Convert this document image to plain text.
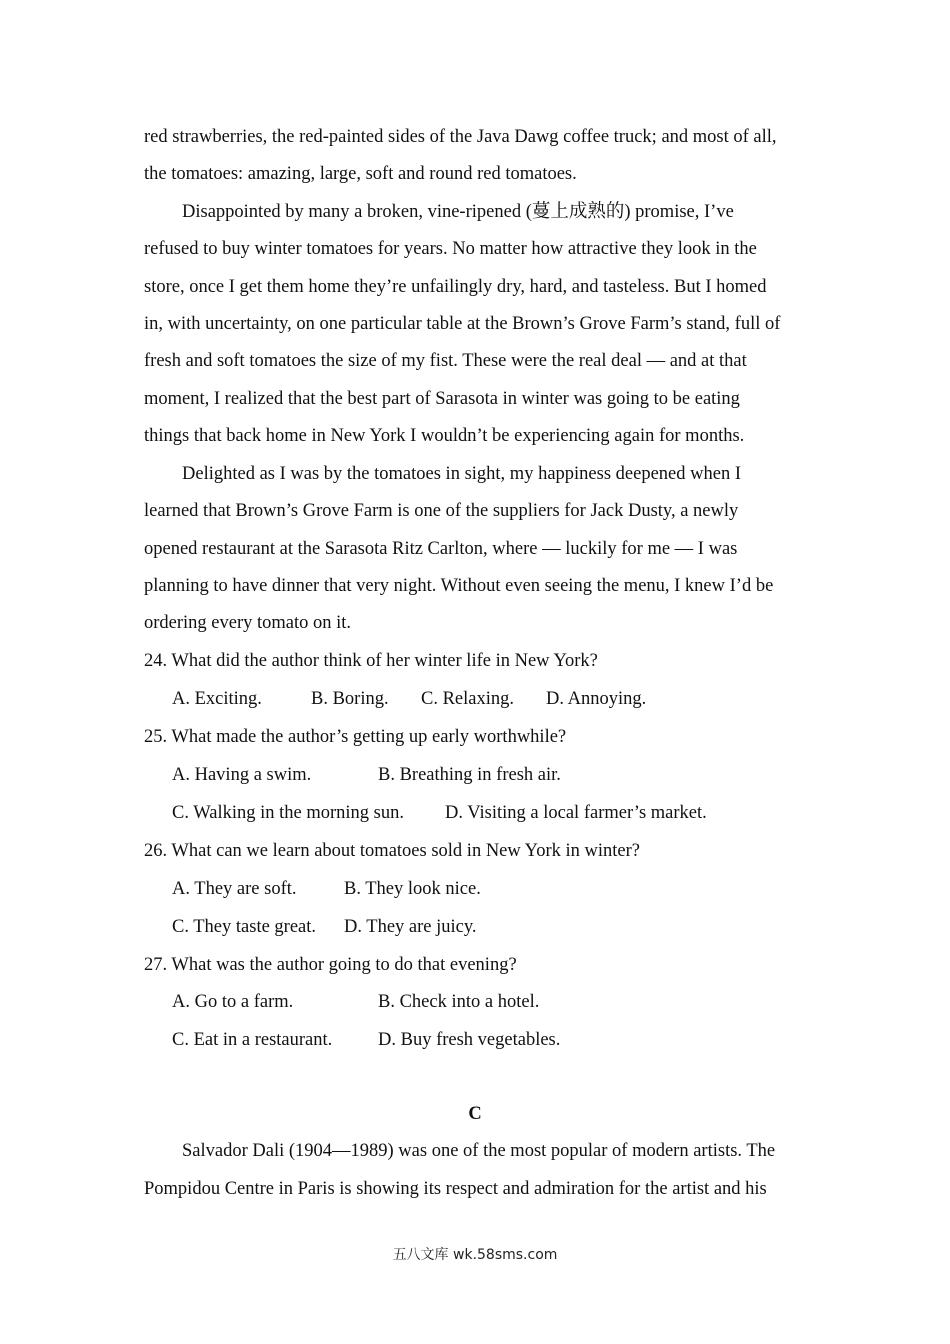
red strawberries, the red-painted sides of the Java Dawg coffee truck; and most of all,
the tomatoes: amazing, large, soft and round red tomatoes.
Disappointed by many a broken, vine-ripened (蔓上成熟的) promise, I’ve
refused to buy winter tomatoes for years. No matter how attractive they look in the
store, once I get them home they’re unfailingly dry, hard, and tasteless. But I homed
in, with uncertainty, on one particular table at the Brown’s Grove Farm’s stand, full of
fresh and soft tomatoes the size of my fist. These were the real deal — and at that
moment, I realized that the best part of Sarasota in winter was going to be eating
things that back home in New York I wouldn’t be experiencing again for months.
Delighted as I was by the tomatoes in sight, my happiness deepened when I
learned that Brown’s Grove Farm is one of the suppliers for Jack Dusty, a newly
opened restaurant at the Sarasota Ritz Carlton, where — luckily for me — I was
planning to have dinner that very night. Without even seeing the menu, I knew I’d be
ordering every tomato on it.
24. What did the author think of her winter life in New York?
A. Exciting.	B. Boring. C. Relaxing. D. Annoying.
25. What made the author’s getting up early worthwhile?
A. Having a swim.	B. Breathing in fresh air.
C. Walking in the morning sun. D. Visiting a local farmer’s market.
26. What can we learn about tomatoes sold in New York in winter?
A. They are soft.	B. They look nice.
C. They taste great. D. They are juicy.
27. What was the author going to do that evening?
A. Go to a farm.	B. Check into a hotel.
C. Eat in a restaurant. D. Buy fresh vegetables.
C
Salvador Dali (1904—1989) was one of the most popular of modern artists. The
Pompidou Centre in Paris is showing its respect and admiration for the artist and his
五八文库 wk.58sms.com
